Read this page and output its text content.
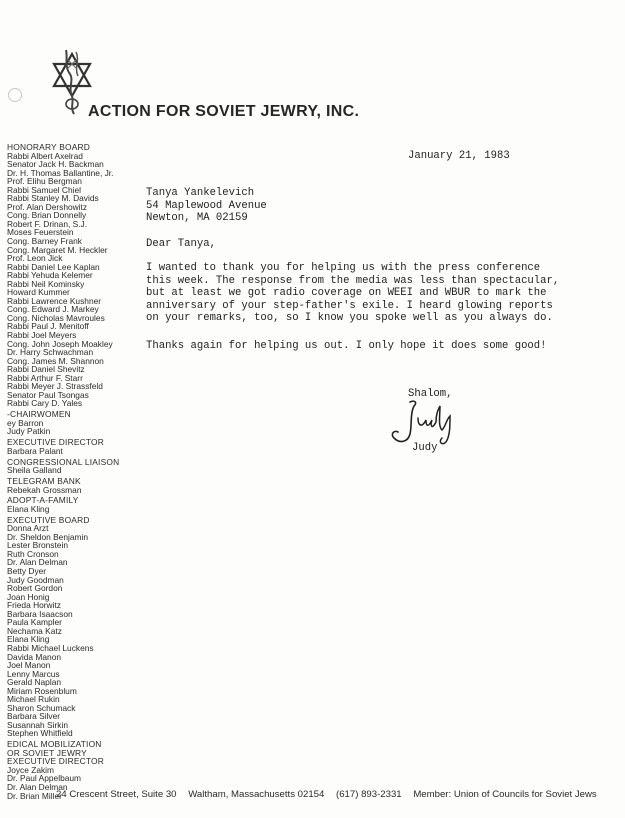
ACTION FOR SOVIET JEWRY, INC.
HONORARY BOARD
Rabbi Albert Axelrad
Senator Jack H. Backman
Dr. H. Thomas Ballantine, Jr.
Prof. Elihu Bergman
Rabbi Samuel Chiel
Rabbi Stanley M. Davids
Prof. Alan Dershowitz
Cong. Brian Donnelly
Robert F. Drinan, S.J.
Moses Feuerstein
Cong. Barney Frank
Cong. Margaret M. Heckler
Prof. Leon Jick
Rabbi Daniel Lee Kaplan
Rabbi Yehuda Kelemer
Rabbi Neil Kominsky
Howard Kummer
Rabbi Lawrence Kushner
Cong. Edward J. Markey
Cong. Nicholas Mavroules
Rabbi Paul J. Menitoff
Rabbi Joel Meyers
Cong. John Joseph Moakley
Dr. Harry Schwachman
Cong. James M. Shannon
Rabbi Daniel Shevitz
Rabbi Arthur F. Starr
Rabbi Meyer J. Strassfeld
Senator Paul Tsongas
Rabbi Cary D. Yales
-CHAIRWOMEN
ey Barron
Judy Patkin
EXECUTIVE DIRECTOR
Barbara Palant
CONGRESSIONAL LIAISON
Sheila Galland
TELEGRAM BANK
Rebekah Grossman
ADOPT-A-FAMILY
Elana Kling
EXECUTIVE BOARD
Donna Arzt
Dr. Sheldon Benjamin
Lester Bronstein
Ruth Cronson
Dr. Alan Delman
Betty Dyer
Judy Goodman
Robert Gordon
Joan Honig
Frieda Horwitz
Barbara Isaacson
Paula Kampler
Nechama Katz
Elana Kling
Rabbi Michael Luckens
Davida Manon
Joel Manon
Lenny Marcus
Gerald Naplan
Miriam Rosenblum
Michael Rukin
Sharon Schumack
Barbara Silver
Susannah Sirkin
Stephen Whitfield
EDICAL MOBILIZATION
OR SOVIET JEWRY
EXECUTIVE DIRECTOR
Joyce Zakim
Dr. Paul Appelbaum
Dr. Alan Delman
Dr. Brian Miller
January 21, 1983
Tanya Yankelevich
54 Maplewood Avenue
Newton, MA 02159
Dear Tanya,
I wanted to thank you for helping us with the press conference
this week. The response from the media was less than spectacular,
but at least we got radio coverage on WEEI and WBUR to mark the
anniversary of your step-father's exile. I heard glowing reports
on your remarks, too, so I know you spoke well as you always do.
Thanks again for helping us out. I only hope it does some good!
Shalom,
Judy
24 Crescent Street, Suite 30 Waltham, Massachusetts 02154 (617) 893-2331 Member: Union of Councils for Soviet Jews
